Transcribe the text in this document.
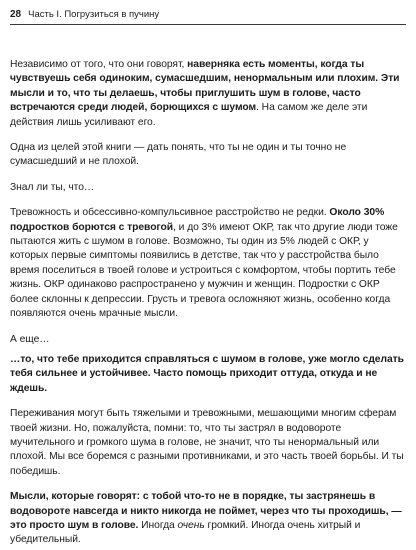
28 Часть I. Погрузиться в пучину

Независимо от того, что они говорят, наверняка есть моменты, когда ты чувствуешь себя одиноким, сумасшедшим, ненормальным или плохим. Эти мысли и то, что ты делаешь, чтобы приглушить шум в голове, часто встречаются среди людей, борющихся с шумом. На самом же деле эти действия лишь усиливают его.

Одна из целей этой книги — дать понять, что ты не один и ты точно не сумасшедший и не плохой.

Знал ли ты, что…

Тревожность и обсессивно-компульсивное расстройство не редки. Около 30% подростков борются с тревогой, и до 3% имеют ОКР, так что другие люди тоже пытаются жить с шумом в голове. Возможно, ты один из 5% людей с ОКР, у которых первые симптомы появились в детстве, так что у расстройства было время поселиться в твоей голове и устроиться с комфортом, чтобы портить тебе жизнь. ОКР одинаково распространено у мужчин и женщин. Подростки с ОКР более склонны к депрессии. Грусть и тревога осложняют жизнь, особенно когда появляются очень мрачные мысли.

А еще…

…то, что тебе приходится справляться с шумом в голове, уже могло сделать тебя сильнее и устойчивее. Часто помощь приходит оттуда, откуда и не ждешь.

Переживания могут быть тяжелыми и тревожными, мешающими многим сферам твоей жизни. Но, пожалуйста, помни: то, что ты застрял в водовороте мучительного и громкого шума в голове, не значит, что ты ненормальный или плохой. Мы все боремся с разными противниками, и это часть твоей борьбы. И ты победишь.

Мысли, которые говорят: с тобой что-то не в порядке, ты застрянешь в водовороте навсегда и никто никогда не поймет, через что ты проходишь, — это просто шум в голове. Иногда очень громкий. Иногда очень хитрый и убедительный.
